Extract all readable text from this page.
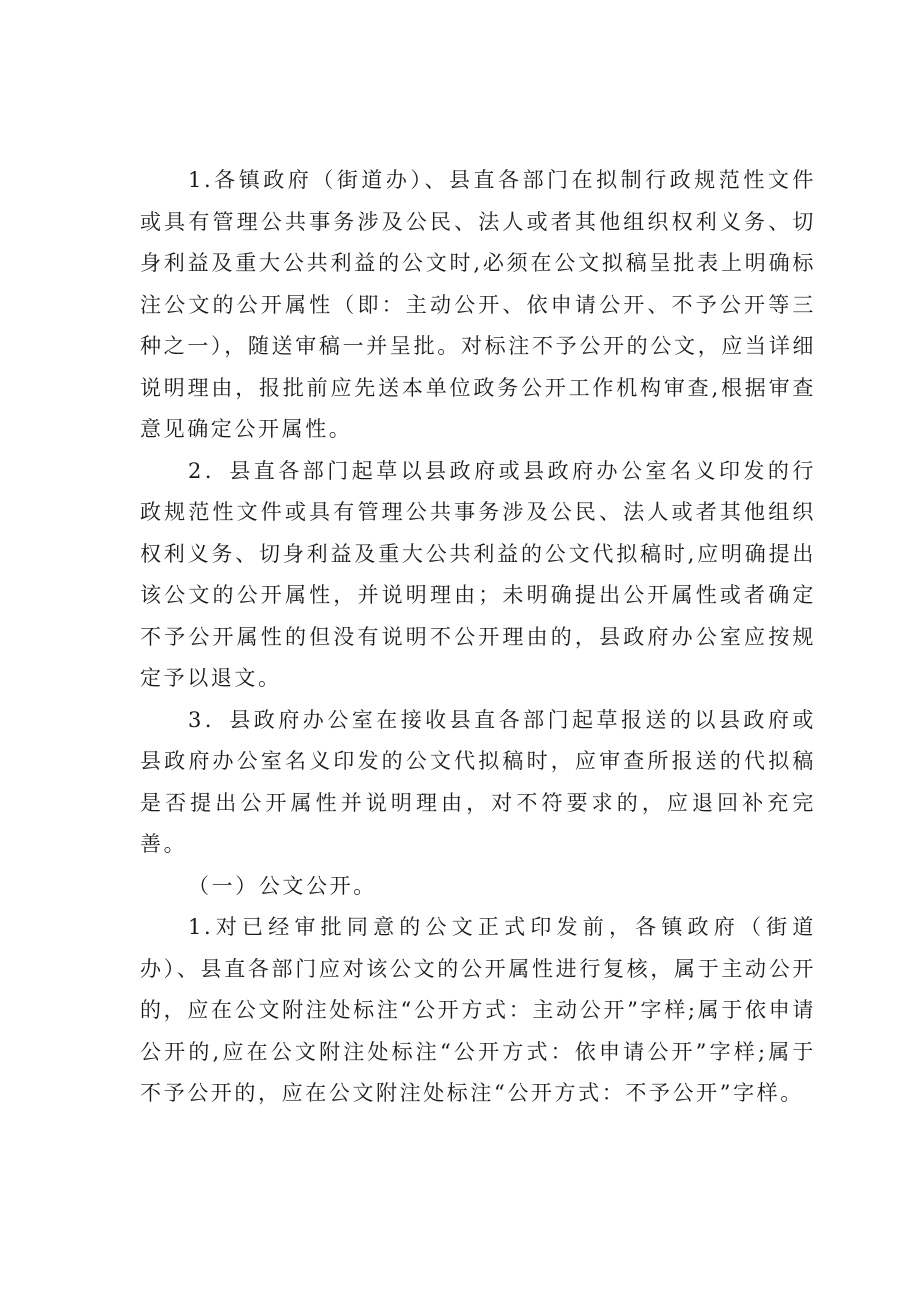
1.各镇政府（街道办）、县直各部门在拟制行政规范性文件或具有管理公共事务涉及公民、法人或者其他组织权利义务、切身利益及重大公共利益的公文时,必须在公文拟稿呈批表上明确标注公文的公开属性（即：主动公开、依申请公开、不予公开等三种之一），随送审稿一并呈批。对标注不予公开的公文，应当详细说明理由，报批前应先送本单位政务公开工作机构审查,根据审查意见确定公开属性。

2．县直各部门起草以县政府或县政府办公室名义印发的行政规范性文件或具有管理公共事务涉及公民、法人或者其他组织权利义务、切身利益及重大公共利益的公文代拟稿时,应明确提出该公文的公开属性，并说明理由；未明确提出公开属性或者确定不予公开属性的但没有说明不公开理由的，县政府办公室应按规定予以退文。

3．县政府办公室在接收县直各部门起草报送的以县政府或县政府办公室名义印发的公文代拟稿时，应审查所报送的代拟稿是否提出公开属性并说明理由，对不符要求的，应退回补充完善。

（一）公文公开。

1.对已经审批同意的公文正式印发前，各镇政府（街道办）、县直各部门应对该公文的公开属性进行复核，属于主动公开的，应在公文附注处标注“公开方式：主动公开”字样;属于依申请公开的,应在公文附注处标注“公开方式：依申请公开”字样;属于不予公开的，应在公文附注处标注“公开方式：不予公开”字样。
